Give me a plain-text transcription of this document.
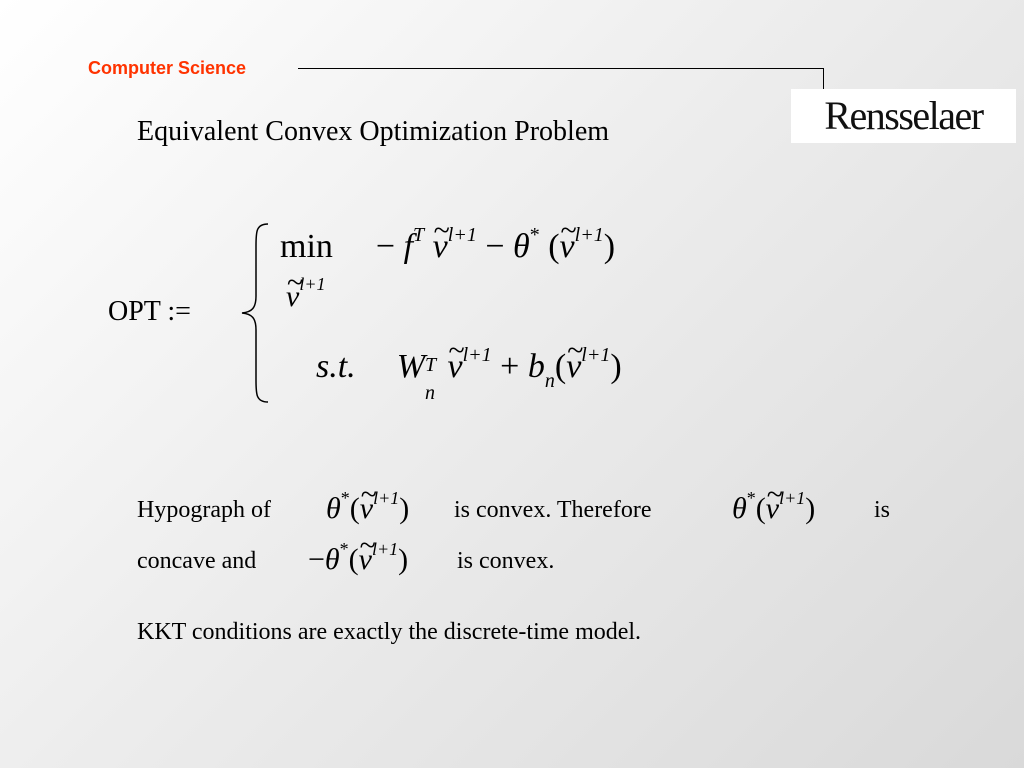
Computer Science
Rensselaer
Equivalent Convex Optimization Problem
OPT :=
$\min - f^T$ ~ $v^{l+1} - \theta^*$ (~ $v^{l+1}$)
~ $v^{l+1}$
s.t. W T
n
~ $v^{l+1}$ + $b_n(\sim$ $v^{l+1}$)
Hypograph of θ*(~ $v^{l+1}$) is convex. Therefore	θ*(~ $v^{l+1}$) is
concave and −θ*(~ $v^{l+1}$) is convex.
KKT conditions are exactly the discrete-time model.
